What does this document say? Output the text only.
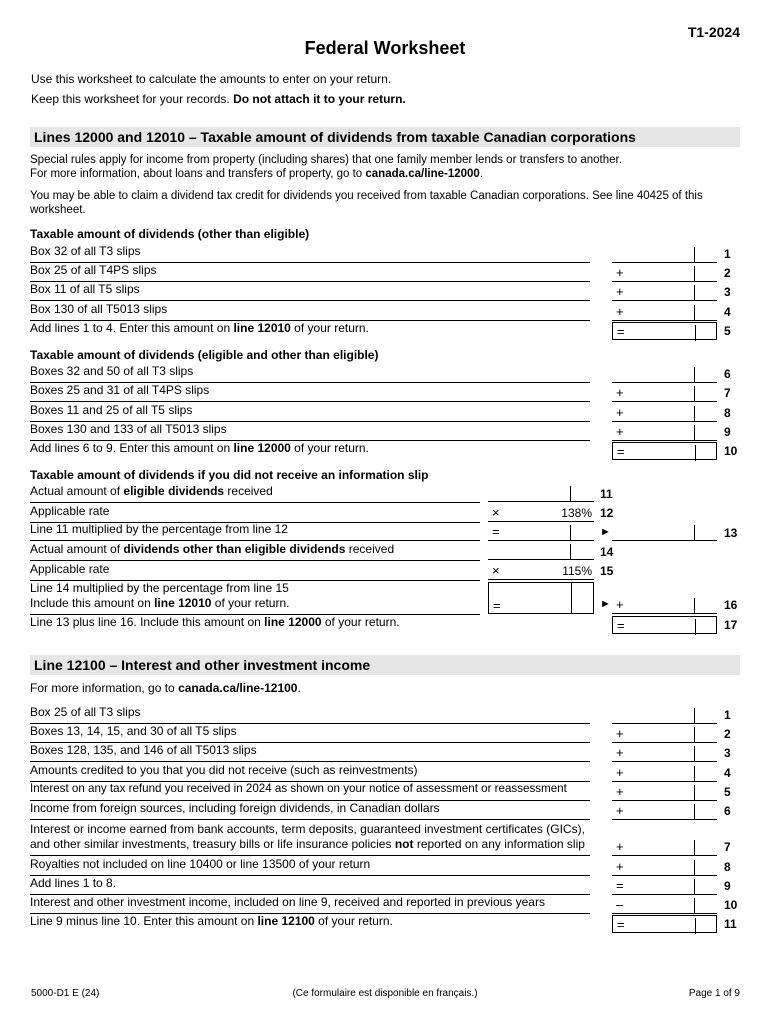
T1-2024
Federal Worksheet
Use this worksheet to calculate the amounts to enter on your return.
Keep this worksheet for your records. Do not attach it to your return.
Lines 12000 and 12010 – Taxable amount of dividends from taxable Canadian corporations
Special rules apply for income from property (including shares) that one family member lends or transfers to another.
For more information, about loans and transfers of property, go to canada.ca/line-12000.
You may be able to claim a dividend tax credit for dividends you received from taxable Canadian corporations. See line 40425 of this worksheet.
Taxable amount of dividends (other than eligible)
Box 32 of all T3 slips	1
Box 25 of all T4PS slips	+	2
Box 11 of all T5 slips	+	3
Box 130 of all T5013 slips	+	4
Add lines 1 to 4. Enter this amount on line 12010 of your return.	=	5
Taxable amount of dividends (eligible and other than eligible)
Boxes 32 and 50 of all T3 slips	6
Boxes 25 and 31 of all T4PS slips	+	7
Boxes 11 and 25 of all T5 slips	+	8
Boxes 130 and 133 of all T5013 slips	+	9
Add lines 6 to 9. Enter this amount on line 12000 of your return.	=	10
Taxable amount of dividends if you did not receive an information slip
Actual amount of eligible dividends received	11
Applicable rate	×	138% 12
Line 11 multiplied by the percentage from line 12	=	►	13
Actual amount of dividends other than eligible dividends received	14
Applicable rate	×	115% 15
Line 14 multiplied by the percentage from line 15
Include this amount on line 12010 of your return.	=	► +	16
Line 13 plus line 16. Include this amount on line 12000 of your return.	=	17
Line 12100 – Interest and other investment income
For more information, go to canada.ca/line-12100.
Box 25 of all T3 slips	1
Boxes 13, 14, 15, and 30 of all T5 slips	+	2
Boxes 128, 135, and 146 of all T5013 slips	+	3
Amounts credited to you that you did not receive (such as reinvestments)	+	4
Interest on any tax refund you received in 2024 as shown on your notice of assessment or reassessment	+	5
Income from foreign sources, including foreign dividends, in Canadian dollars	+	6
Interest or income earned from bank accounts, term deposits, guaranteed investment certificates (GICs),
and other similar investments, treasury bills or life insurance policies not reported on any information slip +	7
Royalties not included on line 10400 or line 13500 of your return	+	8
Add lines 1 to 8.	=	9
Interest and other investment income, included on line 9, received and reported in previous years	–	10
Line 9 minus line 10. Enter this amount on line 12100 of your return.	=	11
5000-D1 E (24)	(Ce formulaire est disponible en français.)	Page 1 of 9
